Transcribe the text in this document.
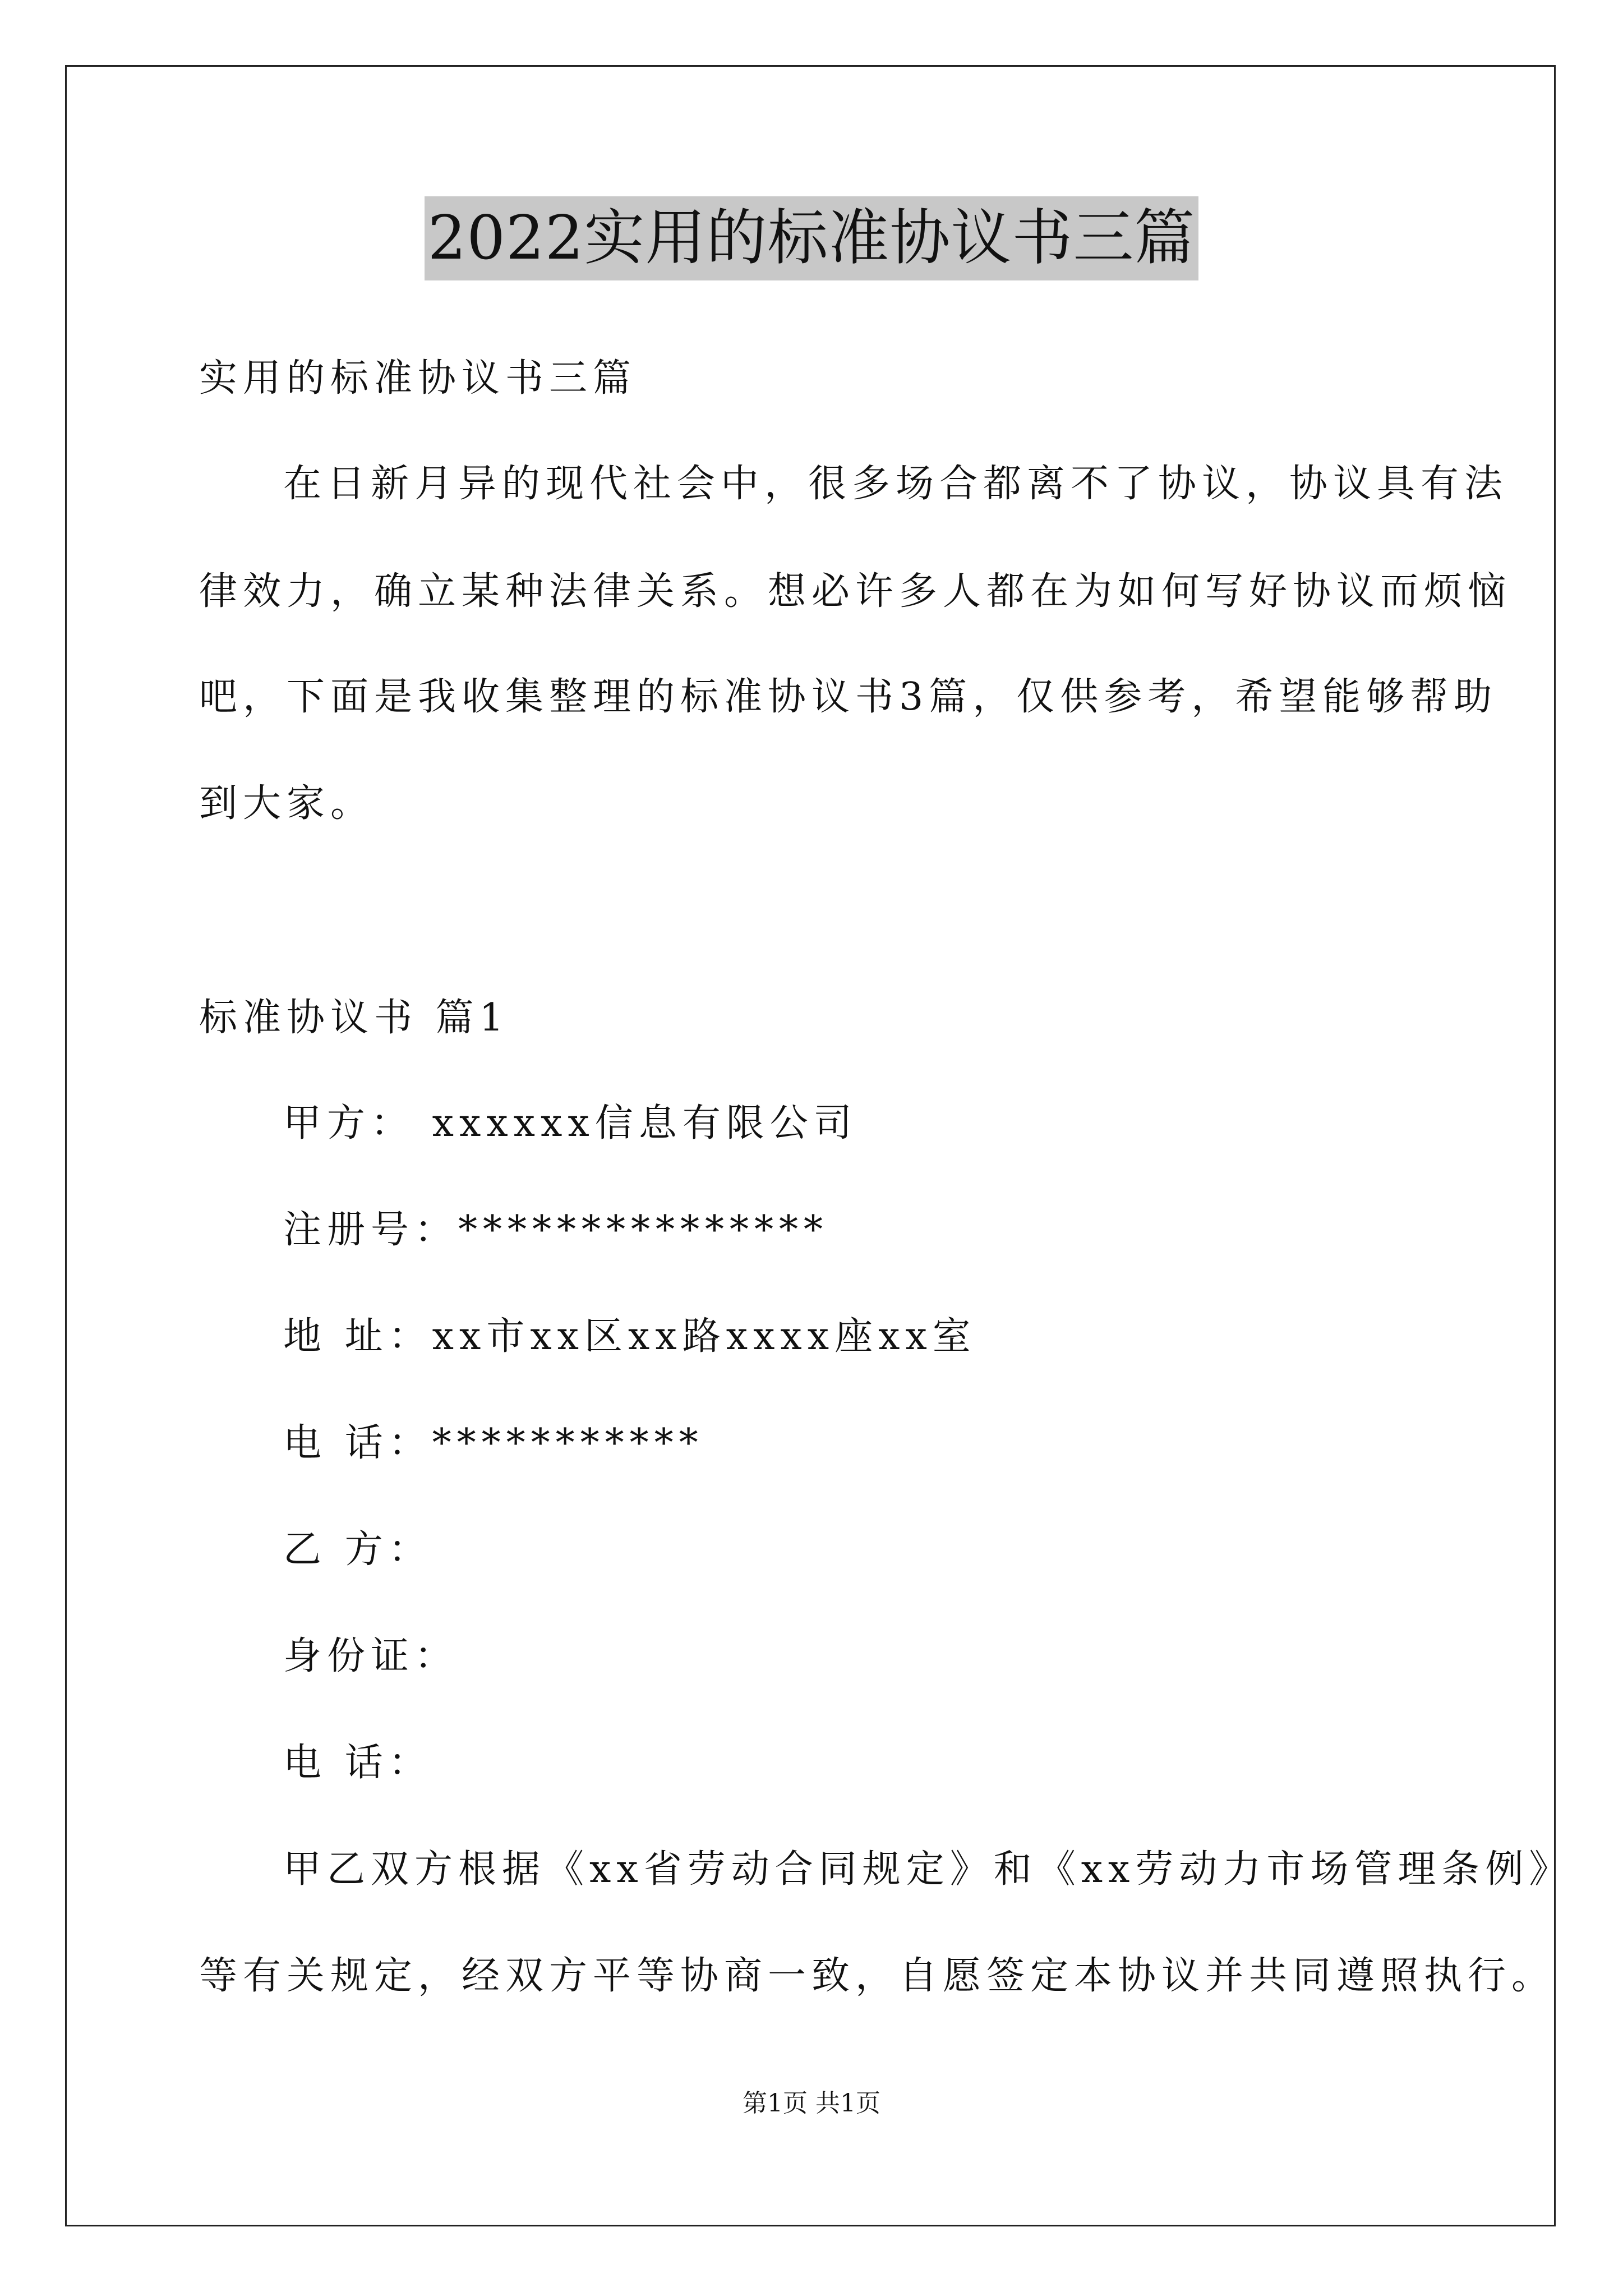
2022实用的标准协议书三篇
实用的标准协议书三篇
在日新月异的现代社会中，很多场合都离不了协议，协议具有法
律效力，确立某种法律关系。想必许多人都在为如何写好协议而烦恼
吧，下面是我收集整理的标准协议书3篇，仅供参考，希望能够帮助
到大家。
标准协议书 篇1
甲方： xxxxxx信息有限公司
注册号：***************
地 址：xx市xx区xx路xxxx座xx室
电 话：***********
乙 方：
身份证：
电 话：
甲乙双方根据《xx省劳动合同规定》和《xx劳动力市场管理条例》
等有关规定，经双方平等协商一致，自愿签定本协议并共同遵照执行。
第1页 共1页
